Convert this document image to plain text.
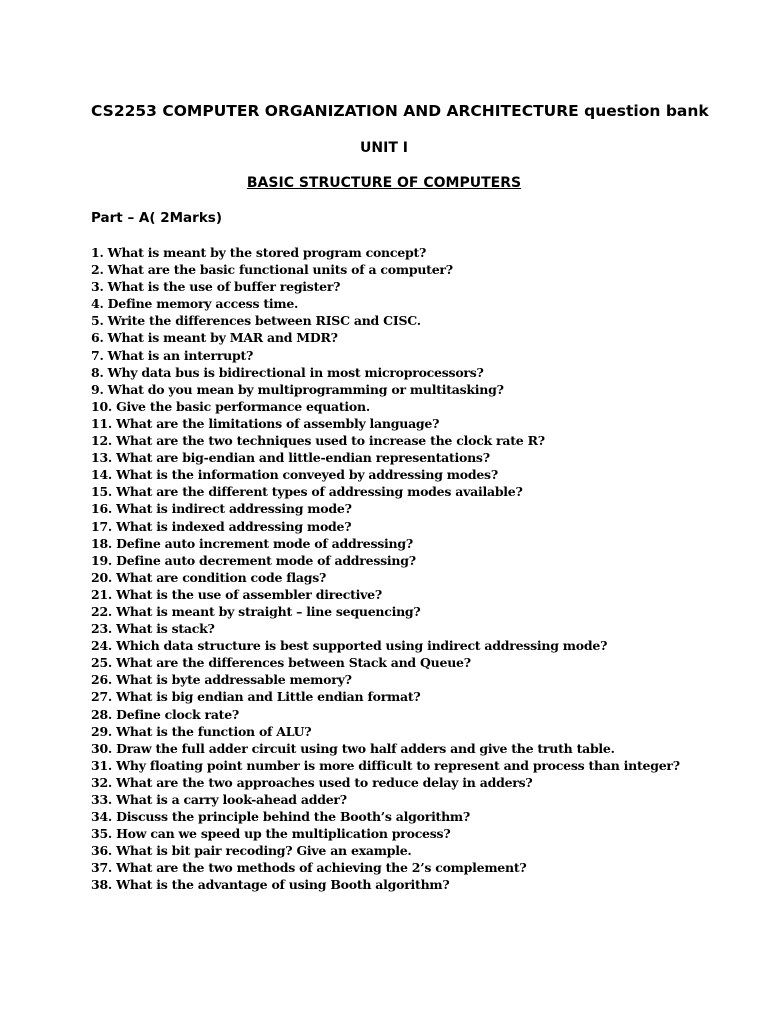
CS2253 COMPUTER ORGANIZATION AND ARCHITECTURE question bank
UNIT I
BASIC STRUCTURE OF COMPUTERS
Part – A( 2Marks)
1. What is meant by the stored program concept?
2. What are the basic functional units of a computer?
3. What is the use of buffer register?
4. Define memory access time.
5. Write the differences between RISC and CISC.
6. What is meant by MAR and MDR?
7. What is an interrupt?
8. Why data bus is bidirectional in most microprocessors?
9. What do you mean by multiprogramming or multitasking?
10. Give the basic performance equation.
11. What are the limitations of assembly language?
12. What are the two techniques used to increase the clock rate R?
13. What are big-endian and little-endian representations?
14. What is the information conveyed by addressing modes?
15. What are the different types of addressing modes available?
16. What is indirect addressing mode?
17. What is indexed addressing mode?
18. Define auto increment mode of addressing?
19. Define auto decrement mode of addressing?
20. What are condition code flags?
21. What is the use of assembler directive?
22. What is meant by straight – line sequencing?
23. What is stack?
24. Which data structure is best supported using indirect addressing mode?
25. What are the differences between Stack and Queue?
26. What is byte addressable memory?
27. What is big endian and Little endian format?
28. Define clock rate?
29. What is the function of ALU?
30. Draw the full adder circuit using two half adders and give the truth table.
31. Why floating point number is more difficult to represent and process than integer?
32. What are the two approaches used to reduce delay in adders?
33. What is a carry look-ahead adder?
34. Discuss the principle behind the Booth’s algorithm?
35. How can we speed up the multiplication process?
36. What is bit pair recoding? Give an example.
37. What are the two methods of achieving the 2’s complement?
38. What is the advantage of using Booth algorithm?
